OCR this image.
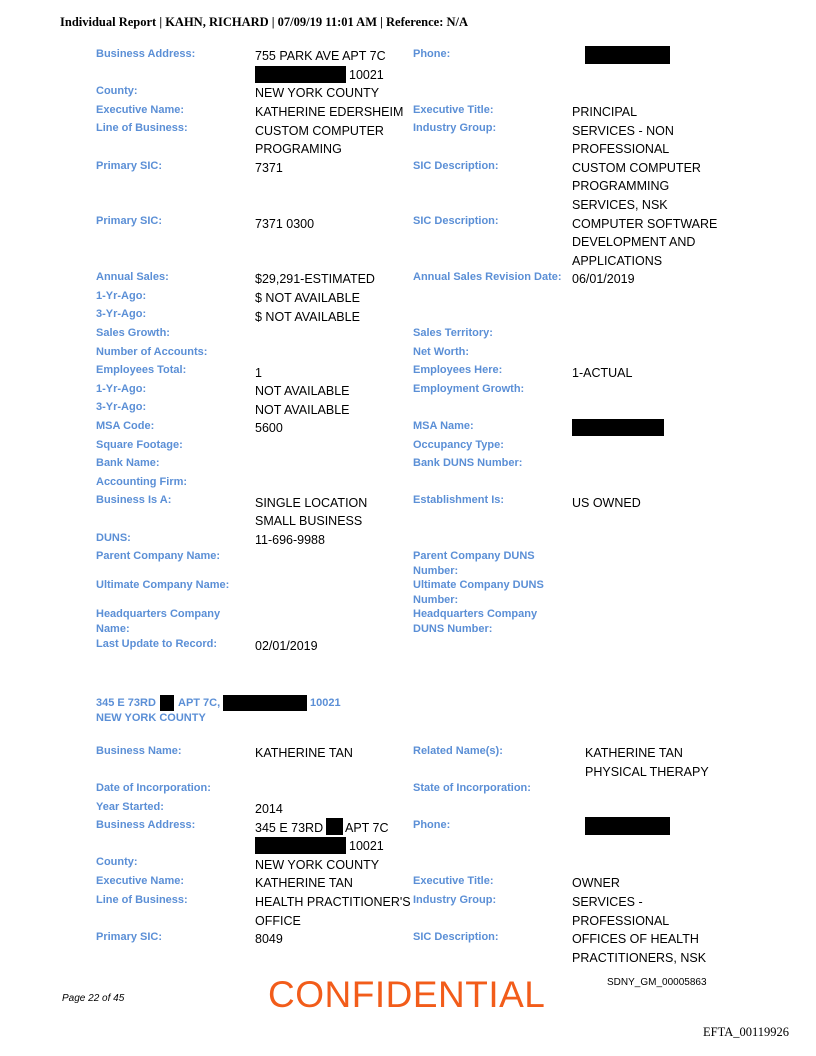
Individual Report | KAHN, RICHARD | 07/09/19 11:01 AM | Reference: N/A
Business Address:	755 PARK AVE APT 7C
10021
Phone:
County:	NEW YORK COUNTY
Executive Name:	KATHERINE EDERSHEIM Executive Title:	PRINCIPAL
Line of Business:	CUSTOM COMPUTER
PROGRAMING
Industry Group:	SERVICES - NON
PROFESSIONAL
Primary SIC:	7371	SIC Description:	CUSTOM COMPUTER
PROGRAMMING
SERVICES, NSK
Primary SIC:	7371 0300	SIC Description:	COMPUTER SOFTWARE
DEVELOPMENT AND
APPLICATIONS
Annual Sales:	$29,291-ESTIMATED	Annual Sales Revision Date: 06/01/2019
1-Yr-Ago:	$ NOT AVAILABLE
3-Yr-Ago:	$ NOT AVAILABLE
Sales Growth:	Sales Territory:
Number of Accounts:	Net Worth:
Employees Total:	1	Employees Here:	1-ACTUAL
1-Yr-Ago:	NOT AVAILABLE	Employment Growth:
3-Yr-Ago:	NOT AVAILABLE
MSA Code:	5600	MSA Name:
Square Footage:	Occupancy Type:
Bank Name:	Bank DUNS Number:
Accounting Firm:
Business Is A:	SINGLE LOCATION
SMALL BUSINESS
Establishment Is:	US OWNED
DUNS:	11-696-9988
Parent Company Name:	Parent Company DUNS
Number:
Ultimate Company Name:	Ultimate Company DUNS
Number:
Headquarters Company
Name:
Headquarters Company
DUNS Number:
Last Update to Record:	02/01/2019
345 E 73RD APT 7C,	10021
NEW YORK COUNTY
Business Name:	KATHERINE TAN	Related Name(s):	KATHERINE TAN
PHYSICAL THERAPY
Date of Incorporation:	State of Incorporation:
Year Started:	2014
Business Address:	345 E 73RD APT 7C
10021
Phone:
County:	NEW YORK COUNTY
Executive Name:	KATHERINE TAN	Executive Title:	OWNER
Line of Business:	HEALTH PRACTITIONER'S
OFFICE
Industry Group:	SERVICES -
PROFESSIONAL
Primary SIC:	8049	SIC Description:	OFFICES OF HEALTH
PRACTITIONERS, NSK
Page 22 of 45	CONFIDENTIAL	SDNY_GM_00005863
EFTA_00119926
